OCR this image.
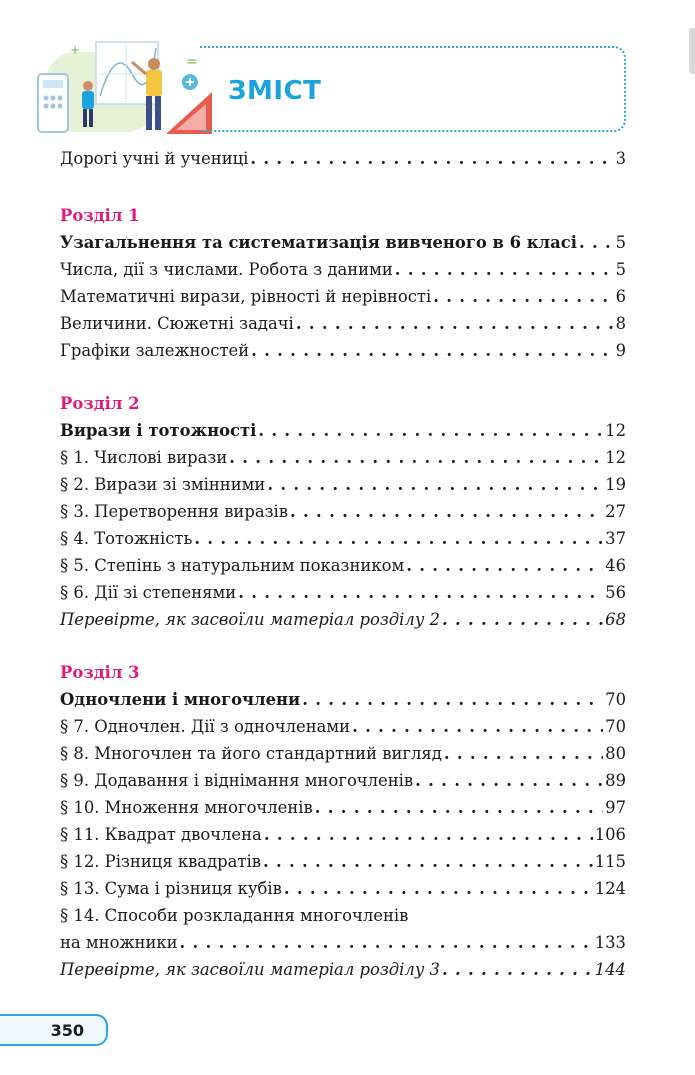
=
+
ЗМІСТ
Дорогі учні й учениці . . .	3
Розділ 1
Узагальнення та систематизація вивченого в 6 класі . . . 5
Числа, дії з числами. Робота з даними . . .	5
Математичні вирази, рівності й нерівності . . .	6
Величини. Сюжетні задачі . . .	8
Графіки залежностей . . .	9
Розділ 2
Вирази і тотожності . . .	12
§ 1. Числові вирази . . .	12
§ 2. Вирази зі змінними . . .	19
§ 3. Перетворення виразів . . .	27
§ 4. Тотожність . . .	37
§ 5. Степінь з натуральним показником . . .	46
§ 6. Дії зі степенями . . .	56
Перевірте, як засвоїли матеріал розділу 2 . . .	68
Розділ 3
Одночлени і многочлени . . .	70
§ 7. Одночлен. Дії з одночленами . . .	70
§ 8. Многочлен та його стандартний вигляд . . .	80
§ 9. Додавання і віднімання многочленів . . .	89
§ 10. Множення многочленів . . .	97
§ 11. Квадрат двочлена . . .	106
§ 12. Різниця квадратів . . .	115
§ 13. Сума і різниця кубів . . .	124
§ 14. Способи розкладання многочленів
на множники . . .	133
Перевірте, як засвоїли матеріал розділу 3 . . .	144
350
